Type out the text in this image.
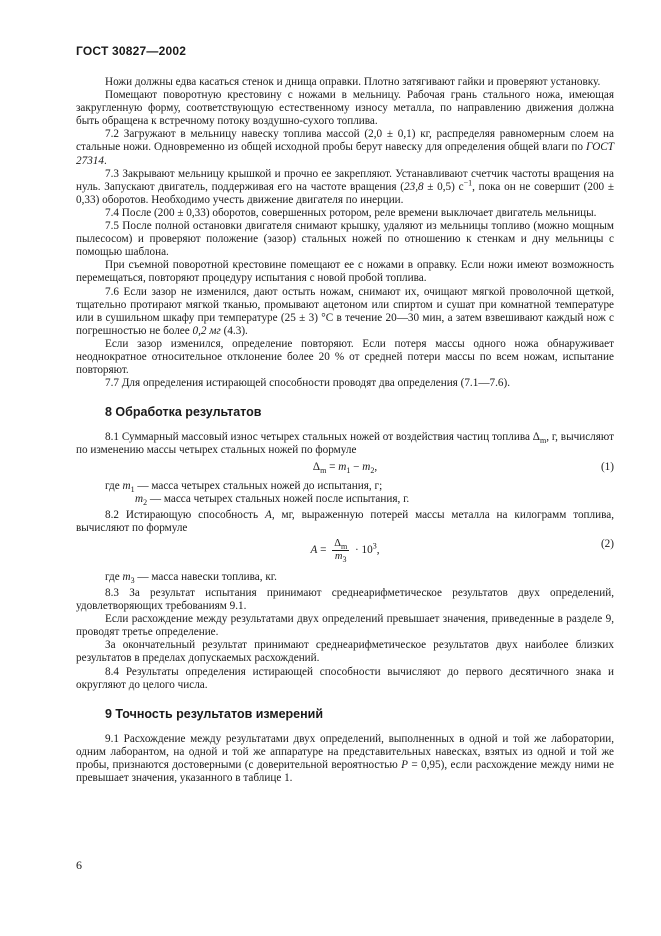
ГОСТ 30827—2002

Ножи должны едва касаться стенок и днища оправки. Плотно затягивают гайки и проверяют установку.

Помещают поворотную крестовину с ножами в мельницу. Рабочая грань стального ножа, имеющая закругленную форму, соответствующую естественному износу металла, по направлению движения должна быть обращена к встречному потоку воздушно-сухого топлива.

7.2 Загружают в мельницу навеску топлива массой (2,0 ± 0,1) кг, распределяя равномерным слоем на стальные ножи. Одновременно из общей исходной пробы берут навеску для определения общей влаги по ГОСТ 27314.

7.3 Закрывают мельницу крышкой и прочно ее закрепляют. Устанавливают счетчик частоты вращения на нуль. Запускают двигатель, поддерживая его на частоте вращения (23,8 ± 0,5) $с^{-1}$, пока он не совершит (200 ± 0,33) оборотов. Необходимо учесть движение двигателя по инерции.

7.4 После (200 ± 0,33) оборотов, совершенных ротором, реле времени выключает двигатель мельницы.

7.5 После полной остановки двигателя снимают крышку, удаляют из мельницы топливо (можно мощным пылесосом) и проверяют положение (зазор) стальных ножей по отношению к стенкам и дну мельницы с помощью шаблона.

При съемной поворотной крестовине помещают ее с ножами в оправку. Если ножи имеют возможность перемещаться, повторяют процедуру испытания с новой пробой топлива.

7.6 Если зазор не изменился, дают остыть ножам, снимают их, очищают мягкой проволочной щеткой, тщательно протирают мягкой тканью, промывают ацетоном или спиртом и сушат при комнатной температуре или в сушильном шкафу при температуре (25 ± 3) °С в течение 20—30 мин, а затем взвешивают каждый нож с погрешностью не более 0,2 мг (4.3).

Если зазор изменился, определение повторяют. Если потеря массы одного ножа обнаруживает неоднократное относительное отклонение более 20 % от средней потери массы по всем ножам, испытание повторяют.

7.7 Для определения истирающей способности проводят два определения (7.1—7.6).

8 Обработка результатов

8.1 Суммарный массовый износ четырех стальных ножей от воздействия частиц топлива $\Delta_m$, г, вычисляют по изменению массы четырех стальных ножей по формуле

$\Delta_m = m_1 - m_2$,	(1)

где $m_1$ — масса четырех стальных ножей до испытания, г;

$m_2$ — масса четырех стальных ножей после испытания, г.

8.2 Истирающую способность А, мг, выраженную потерей массы металла на килограмм топлива, вычисляют по формуле

$A = \frac{\Delta_m}{m_3} \cdot 10^3$,
(2)

где $m_3$ — масса навески топлива, кг.

8.3 За результат испытания принимают среднеарифметическое результатов двух определений, удовлетворяющих требованиям 9.1.

Если расхождение между результатами двух определений превышает значения, приведенные в разделе 9, проводят третье определение.

За окончательный результат принимают среднеарифметическое результатов двух наиболее близких результатов в пределах допускаемых расхождений.

8.4 Результаты определения истирающей способности вычисляют до первого десятичного знака и округляют до целого числа.

9 Точность результатов измерений

9.1 Расхождение между результатами двух определений, выполненных в одной и той же лаборатории, одним лаборантом, на одной и той же аппаратуре на представительных навесках, взятых из одной и той же пробы, признаются достоверными (с доверительной вероятностью Р = 0,95), если расхождение между ними не превышает значения, указанного в таблице 1.

6
